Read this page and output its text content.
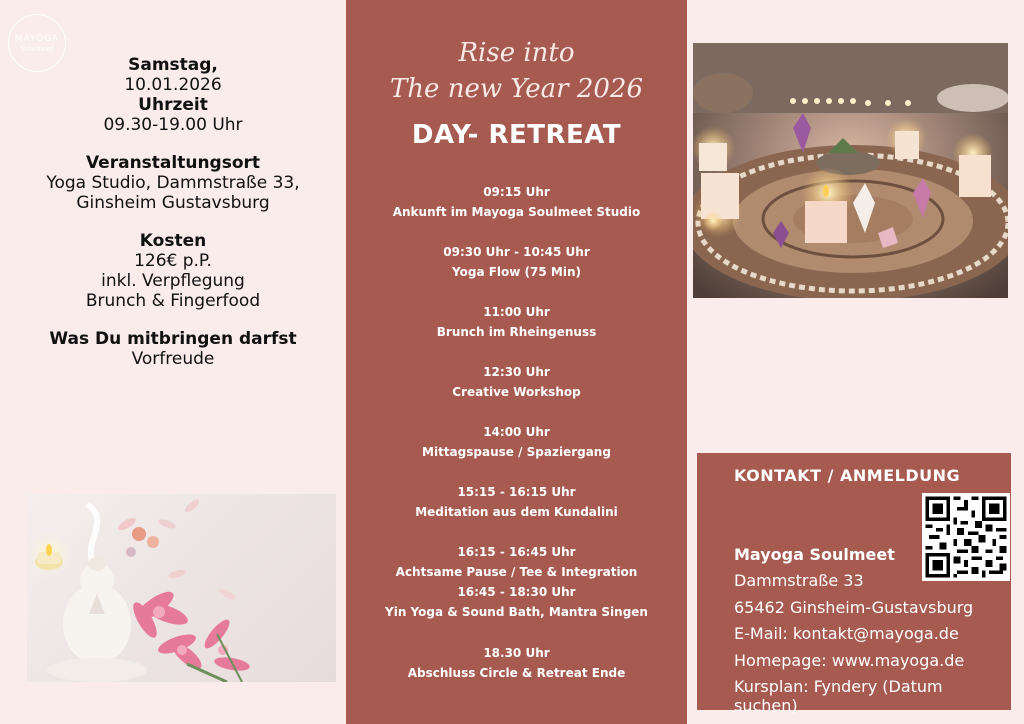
MAYOGA
Soulmeet
Samstag,
10.01.2026
Uhrzeit
09.30-19.00 Uhr
Veranstaltungsort
Yoga Studio, Dammstraße 33,
Ginsheim Gustavsburg
Kosten
126€ p.P.
inkl. Verpflegung
Brunch & Fingerfood
Was Du mitbringen darfst
Vorfreude
Rise into
The new Year 2026
DAY- RETREAT
09:15 Uhr
Ankunft im Mayoga Soulmeet Studio
09:30 Uhr - 10:45 Uhr
Yoga Flow (75 Min)
11:00 Uhr
Brunch im Rheingenuss
12:30 Uhr
Creative Workshop
14:00 Uhr
Mittagspause / Spaziergang
15:15 - 16:15 Uhr
Meditation aus dem Kundalini
16:15 - 16:45 Uhr
Achtsame Pause / Tee & Integration
16:45 - 18:30 Uhr
Yin Yoga & Sound Bath, Mantra Singen
18.30 Uhr
Abschluss Circle & Retreat Ende
KONTAKT / ANMELDUNG
Mayoga Soulmeet
Dammstraße 33
65462 Ginsheim-Gustavsburg
E-Mail: kontakt@mayoga.de
Homepage: www.mayoga.de
Kursplan: Fyndery (Datum suchen)
